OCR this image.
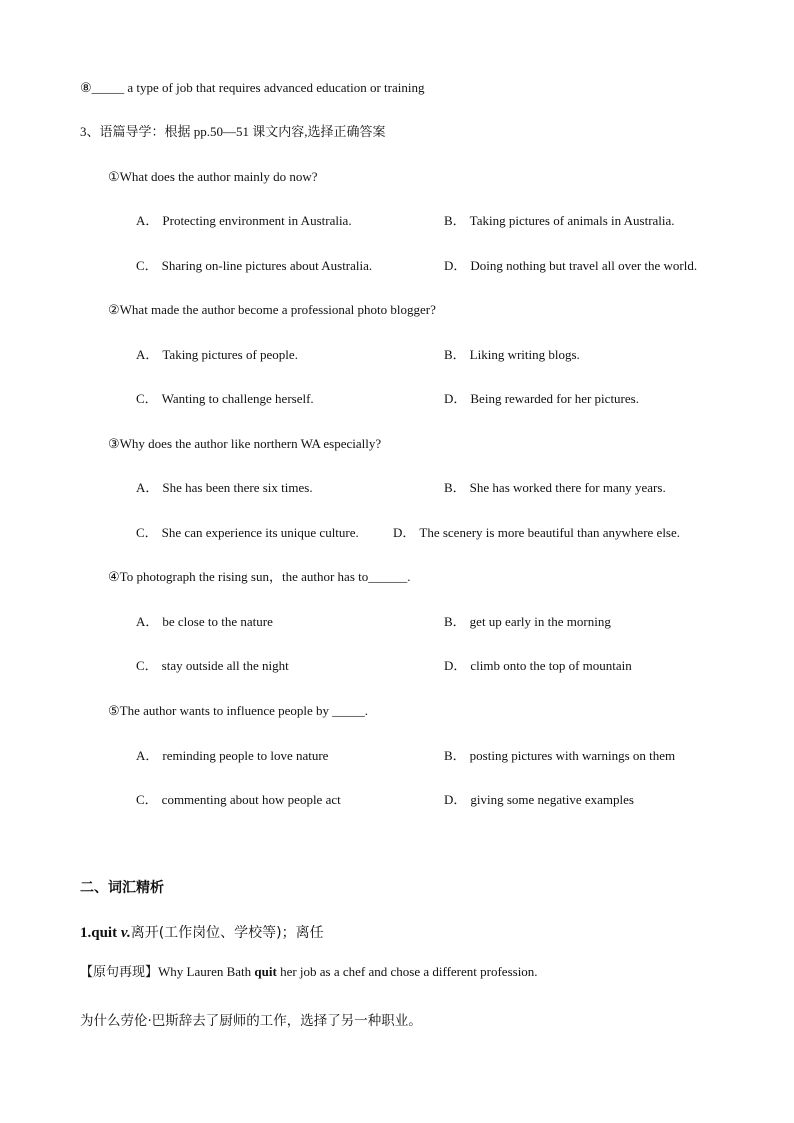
⑧_____ a type of job that requires advanced education or training
3、语篇导学：根据 pp.50—51 课文内容,选择正确答案
①What does the author mainly do now?
A． Protecting environment in Australia.	B． Taking pictures of animals in Australia.
C． Sharing on-line pictures about Australia.	D． Doing nothing but travel all over the world.
②What made the author become a professional photo blogger?
A． Taking pictures of people.	B． Liking writing blogs.
C． Wanting to challenge herself.	D． Being rewarded for her pictures.
③Why does the author like northern WA especially?
A． She has been there six times.	B． She has worked there for many years.
C． She can experience its unique culture.	D． The scenery is more beautiful than anywhere else.
④To photograph the rising sun，the author has to______.
A． be close to the nature	B． get up early in the morning
C． stay outside all the night	D． climb onto the top of mountain
⑤The author wants to influence people by _____.
A． reminding people to love nature	B． posting pictures with warnings on them
C． commenting about how people act	D． giving some negative examples
二、词汇精析
1.quit v.离开(工作岗位、学校等)；离任
【原句再现】Why Lauren Bath quit her job as a chef and chose a different profession.
为什么劳伦·巴斯辞去了厨师的工作，选择了另一种职业。
